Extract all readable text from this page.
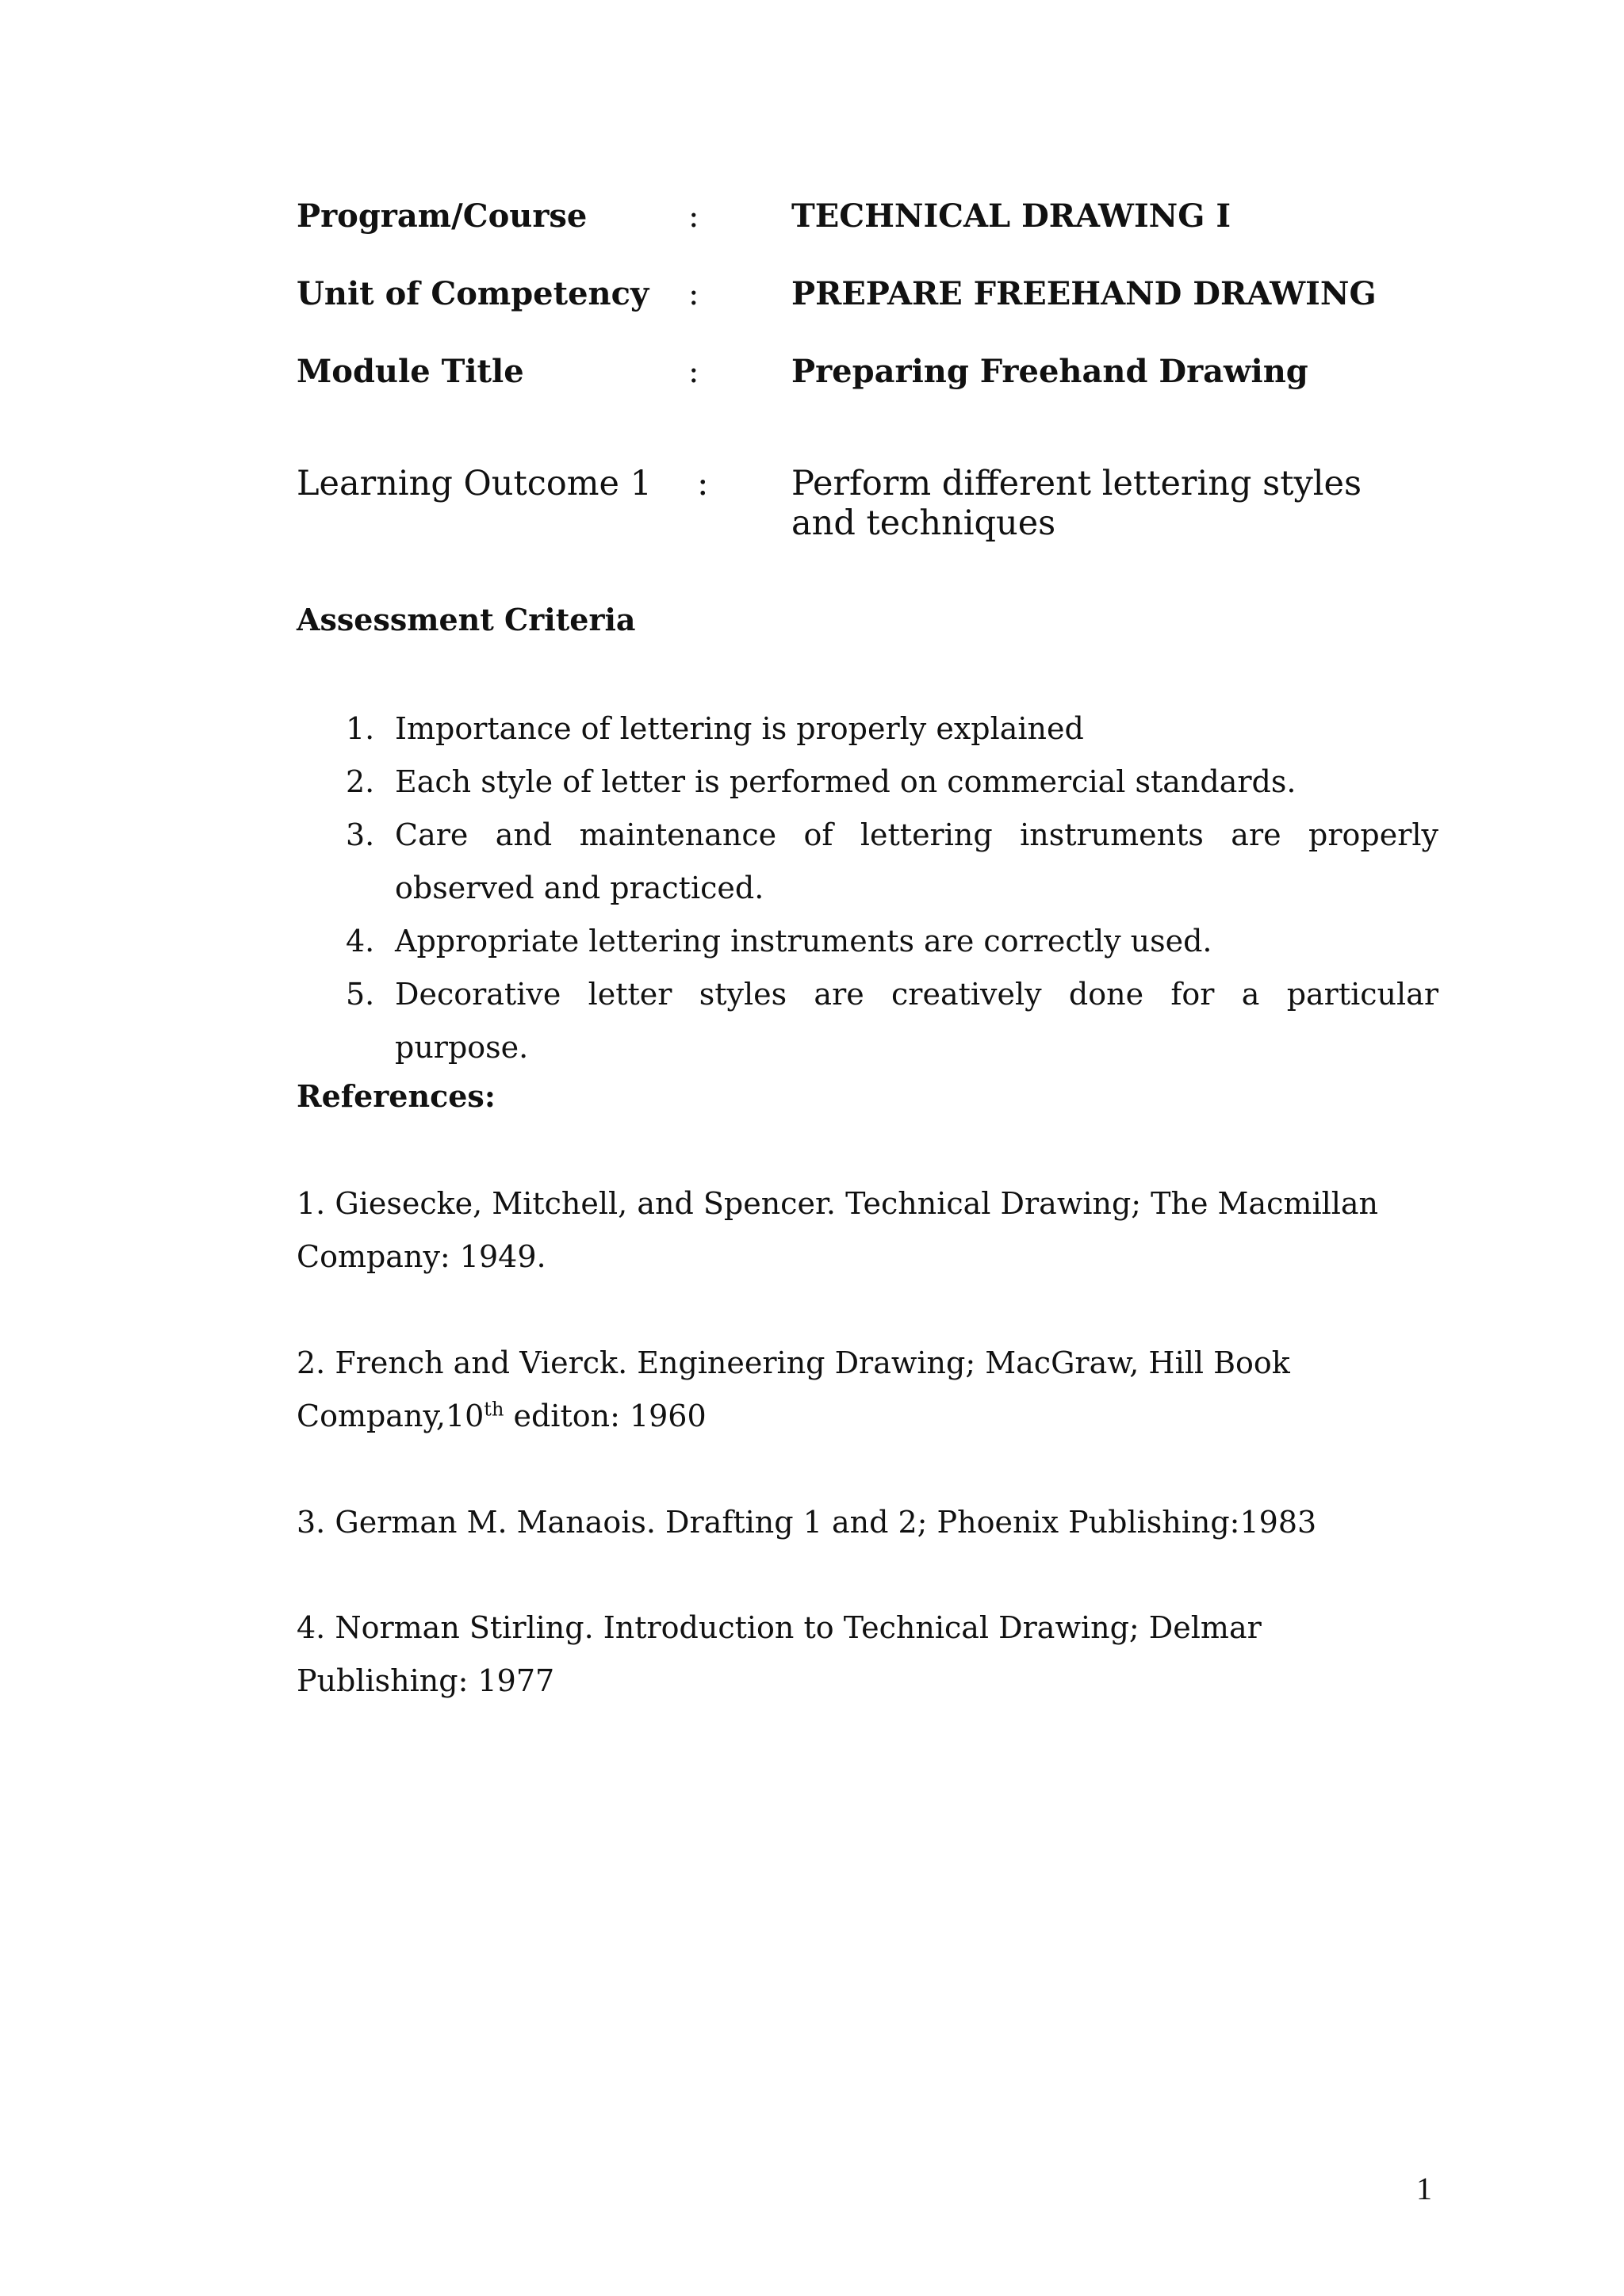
Program/Course	:	TECHNICAL DRAWING I
Unit of Competency :	PREPARE FREEHAND DRAWING
Module Title	:	Preparing Freehand Drawing
Learning Outcome 1 : Perform different lettering styles and techniques
Assessment Criteria
1. Importance of lettering is properly explained
2. Each style of letter is performed on commercial standards.
3. Care and maintenance of lettering instruments are properly observed and practiced.
4. Appropriate lettering instruments are correctly used.
5. Decorative letter styles are creatively done for a particular purpose.
References:
1. Giesecke, Mitchell, and Spencer. Technical Drawing; The Macmillan Company: 1949.
2. French and Vierck. Engineering Drawing; MacGraw, Hill Book Company,10th editon: 1960
3. German M. Manaois. Drafting 1 and 2; Phoenix Publishing:1983
4. Norman Stirling. Introduction to Technical Drawing; Delmar Publishing: 1977
1
